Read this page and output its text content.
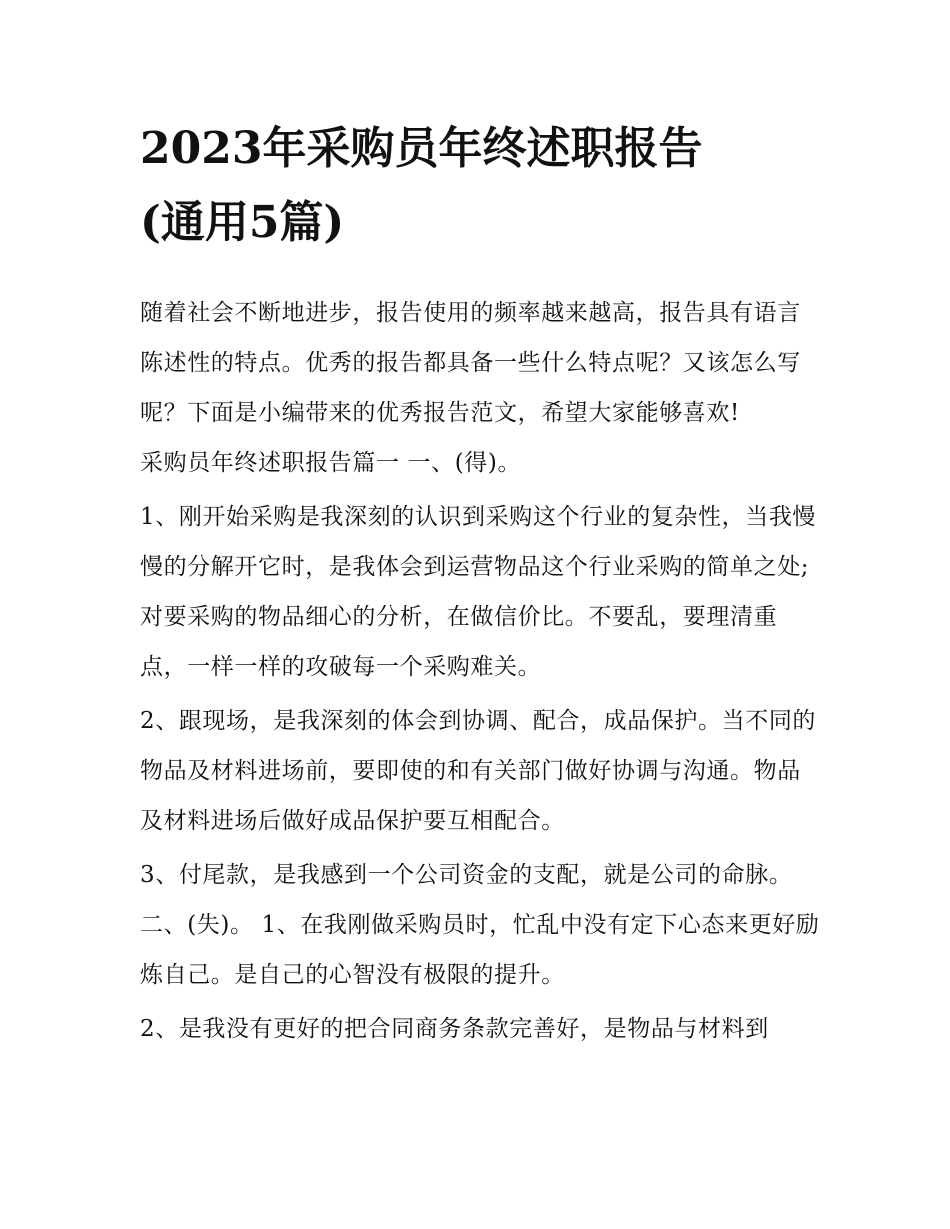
2023年采购员年终述职报告
(通用5篇)

随着社会不断地进步，报告使用的频率越来越高，报告具有语言陈述性的特点。优秀的报告都具备一些什么特点呢？又该怎么写呢？下面是小编带来的优秀报告范文，希望大家能够喜欢!

采购员年终述职报告篇一 一、(得)。

1、刚开始采购是我深刻的认识到采购这个行业的复杂性，当我慢慢的分解开它时，是我体会到运营物品这个行业采购的简单之处;对要采购的物品细心的分析，在做信价比。不要乱，要理清重点，一样一样的攻破每一个采购难关。

2、跟现场，是我深刻的体会到协调、配合，成品保护。当不同的物品及材料进场前，要即使的和有关部门做好协调与沟通。物品及材料进场后做好成品保护要互相配合。

3、付尾款，是我感到一个公司资金的支配，就是公司的命脉。 二、(失)。 1、在我刚做采购员时，忙乱中没有定下心态来更好励炼自己。是自己的心智没有极限的提升。

2、是我没有更好的把合同商务条款完善好，是物品与材料到
